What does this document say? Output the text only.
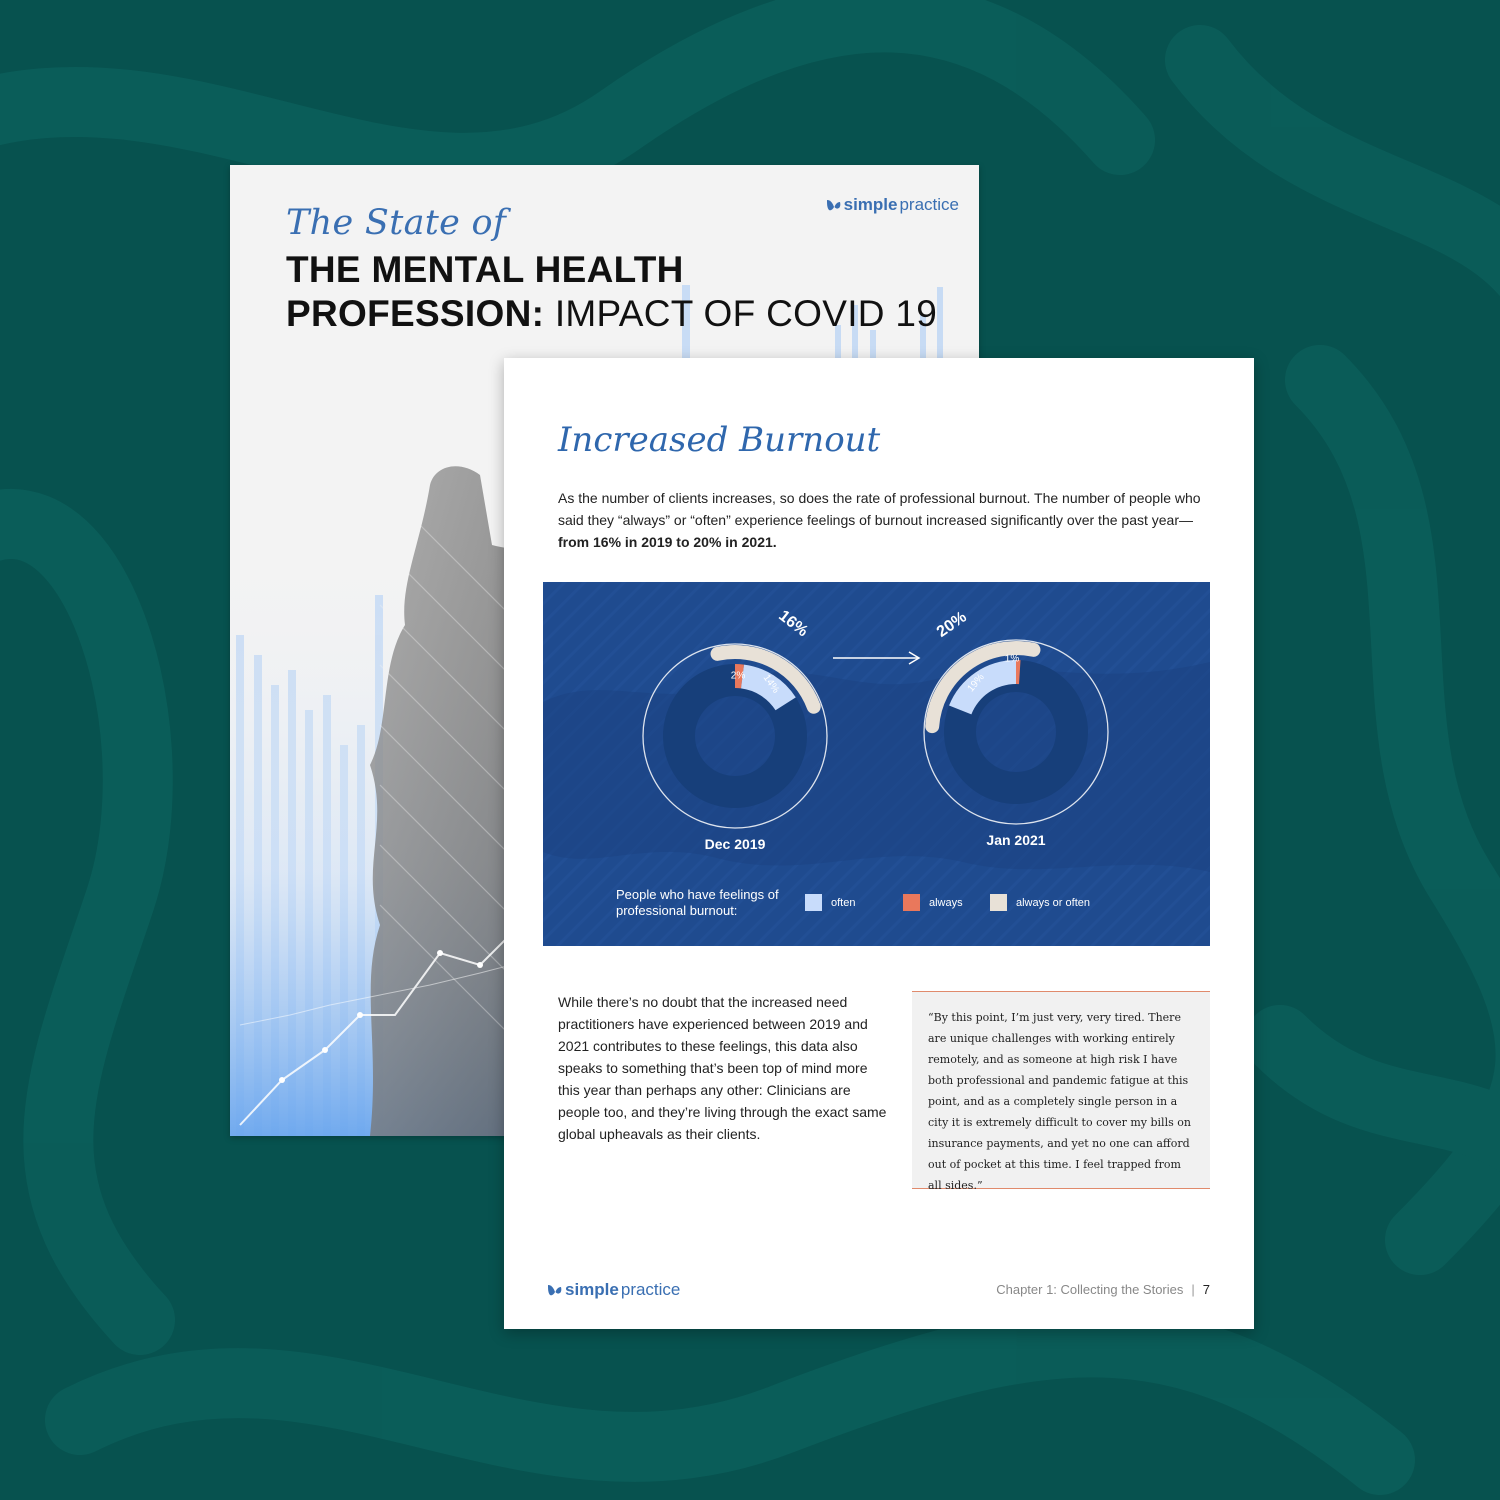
The State of
THE MENTAL HEALTH
PROFESSION: IMPACT OF COVID 19
simple practice
Increased Burnout
As the number of clients increases, so does the rate of professional burnout. The number of people who said they “always” or “often” experience feelings of burnout increased significantly over the past year—from 16% in 2019 to 20% in 2021.
2% 14%
16%
1%
19%
20%
Dec 2019	Jan 2021
People who have feelings of professional burnout:
often	always	always or often
While there’s no doubt that the increased need practitioners have experienced between 2019 and 2021 contributes to these feelings, this data also speaks to something that’s been top of mind more this year than perhaps any other: Clinicians are people too, and they’re living through the exact same global upheavals as their clients.
“By this point, I’m just very, very tired. There are unique challenges with working entirely remotely, and as someone at high risk I have both professional and pandemic fatigue at this point, and as a completely single person in a city it is extremely difficult to cover my bills on insurance payments, and yet no one can afford out of pocket at this time. I feel trapped from all sides.”
simple practice	Chapter 1: Collecting the Stories | 7
